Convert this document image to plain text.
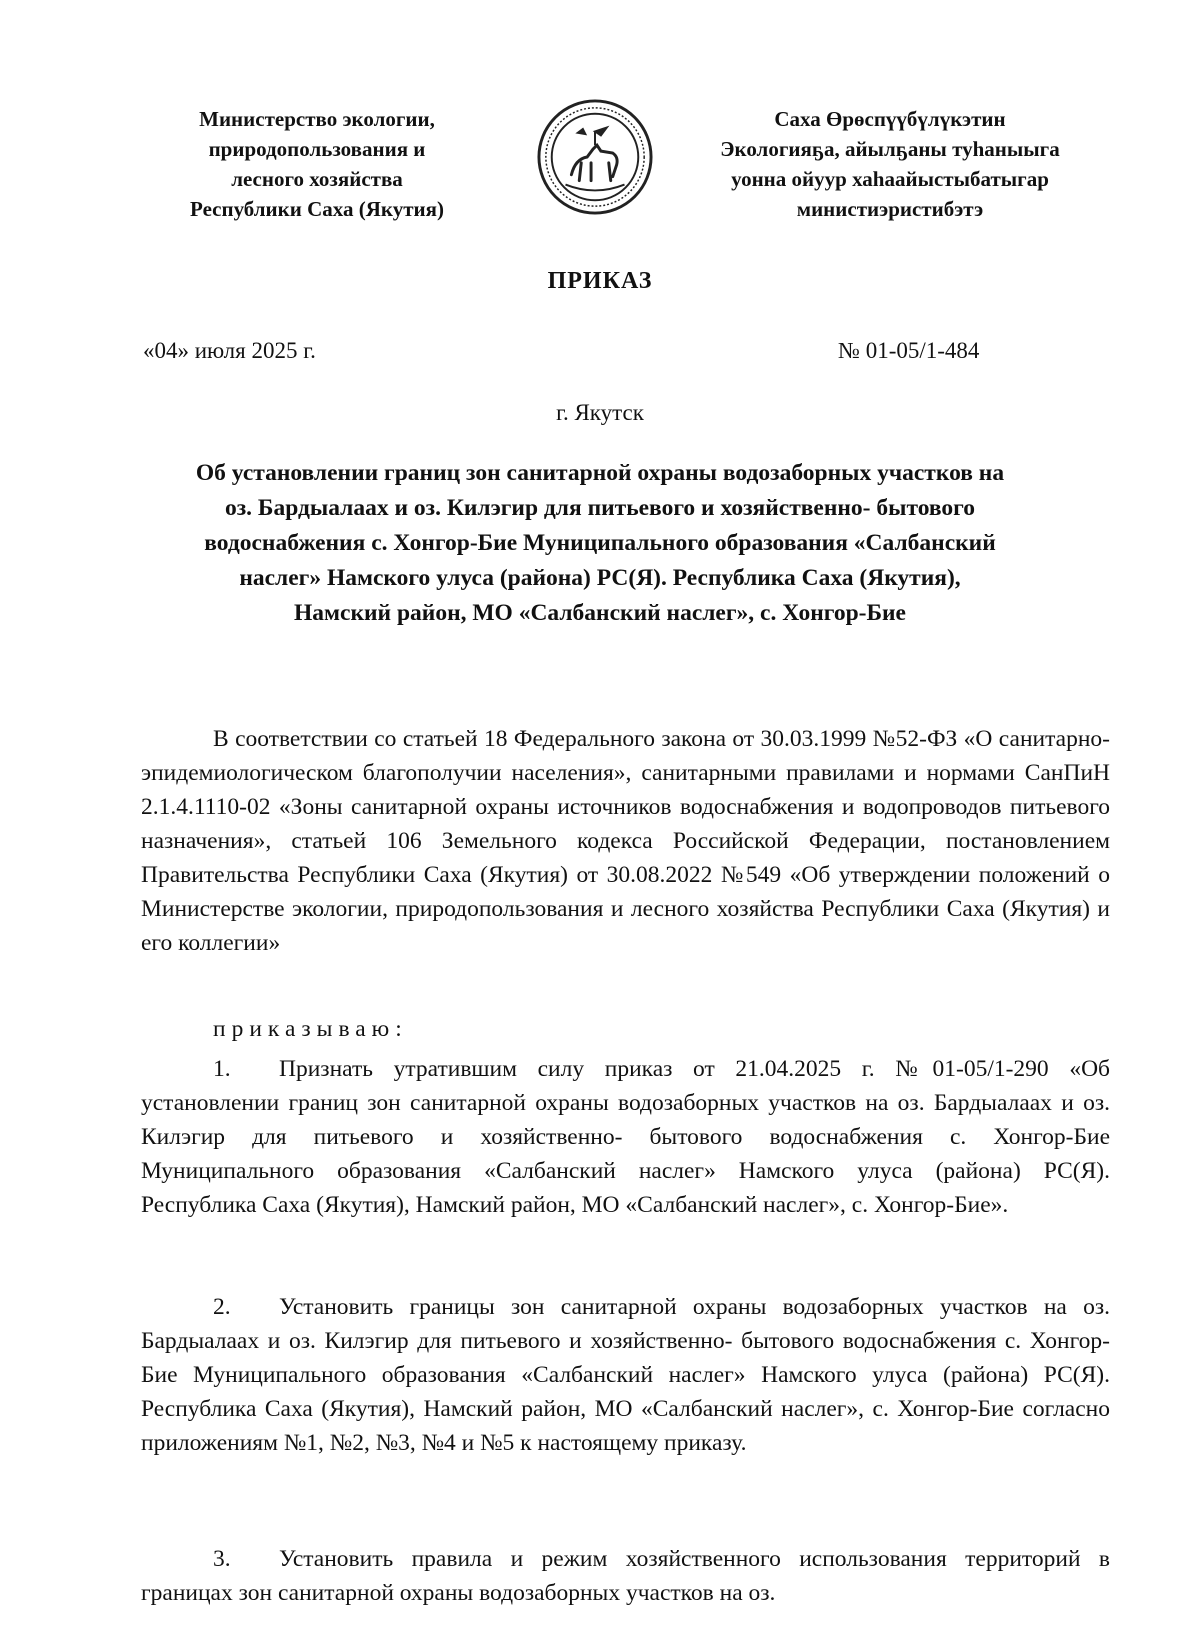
Министерство экологии,
природопользования и
лесного хозяйства
Республики Саха (Якутия)
Саха Өрөспүүбүлүкэтин
Экологияҕа, айылҕаны туһаныыга
уонна ойуур хаһаайыстыбатыгар
министиэристибэтэ
ПРИКАЗ
«04» июля 2025 г.	№ 01-05/1-484
г. Якутск
Об установлении границ зон санитарной охраны водозаборных участков на
оз. Бардыалаах и оз. Килэгир для питьевого и хозяйственно- бытового
водоснабжения с. Хонгор-Бие Муниципального образования «Салбанский
наслег» Намского улуса (района) РС(Я). Республика Саха (Якутия),
Намский район, МО «Салбанский наслег», с. Хонгор-Бие
В соответствии со статьей 18 Федерального закона от 30.03.1999 №52-ФЗ «О санитарно-эпидемиологическом благополучии населения», санитарными правилами и нормами СанПиН 2.1.4.1110-02 «Зоны санитарной охраны источников водоснабжения и водопроводов питьевого назначения», статьей 106 Земельного кодекса Российской Федерации, постановлением Правительства Республики Саха (Якутия) от 30.08.2022 №549 «Об утверждении положений о Министерстве экологии, природопользования и лесного хозяйства Республики Саха (Якутия) и его коллегии»
приказываю:
1. Признать утратившим силу приказ от 21.04.2025 г. №01-05/1-290 «Об установлении границ зон санитарной охраны водозаборных участков на оз. Бардыалаах и оз. Килэгир для питьевого и хозяйственно- бытового водоснабжения с. Хонгор-Бие Муниципального образования «Салбанский наслег» Намского улуса (района) РС(Я). Республика Саха (Якутия), Намский район, МО «Салбанский наслег», с. Хонгор-Бие».
2. Установить границы зон санитарной охраны водозаборных участков на оз. Бардыалаах и оз. Килэгир для питьевого и хозяйственно- бытового водоснабжения с. Хонгор-Бие Муниципального образования «Салбанский наслег» Намского улуса (района) РС(Я). Республика Саха (Якутия), Намский район, МО «Салбанский наслег», с. Хонгор-Бие согласно приложениям №1, №2, №3, №4 и №5 к настоящему приказу.
3. Установить правила и режим хозяйственного использования территорий в границах зон санитарной охраны водозаборных участков на оз.
